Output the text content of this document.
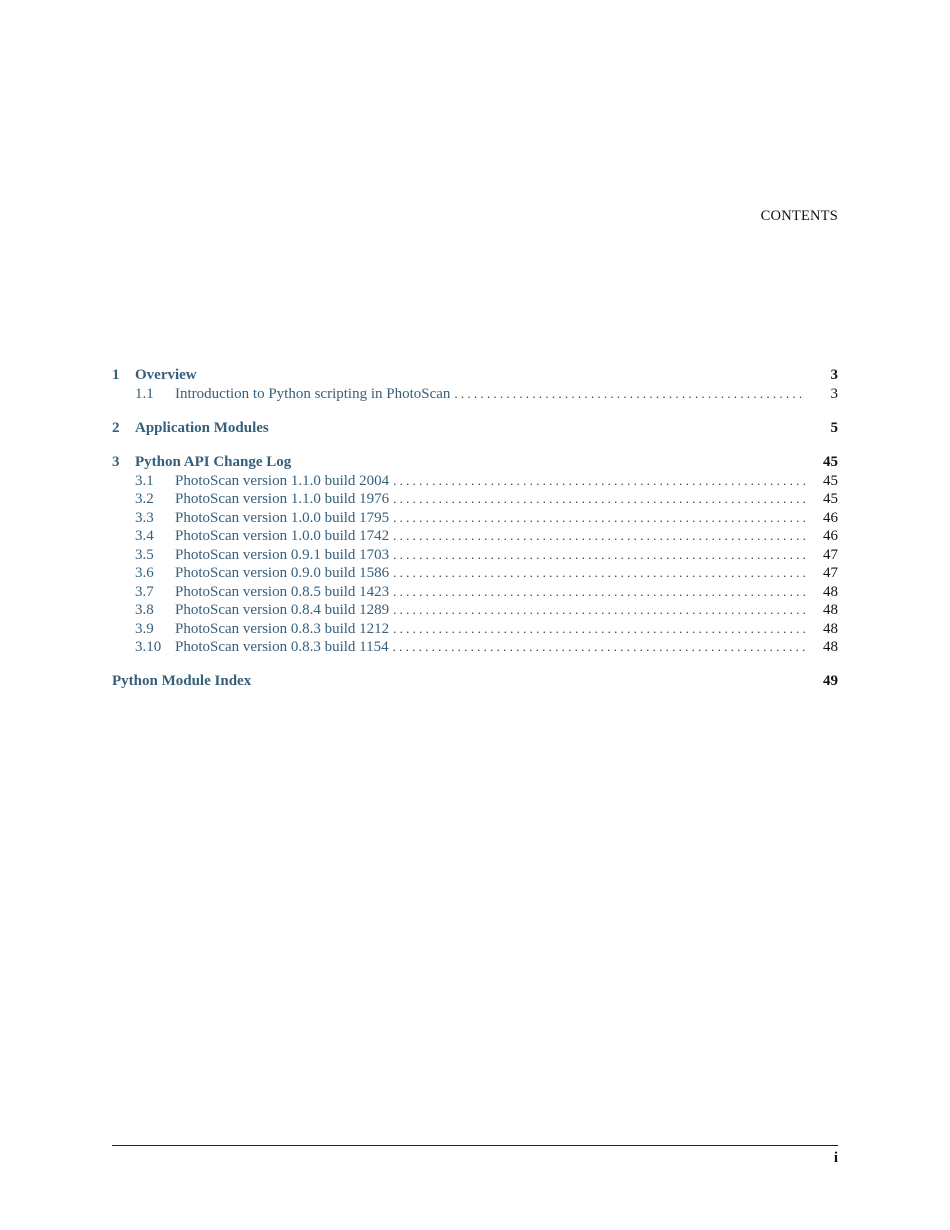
CONTENTS
1	Overview	3
1.1	Introduction to Python scripting in PhotoScan . . .	3
2	Application Modules	5
3	Python API Change Log	45
3.1	PhotoScan version 1.1.0 build 2004 . . .	45
3.2	PhotoScan version 1.1.0 build 1976 . . .	45
3.3	PhotoScan version 1.0.0 build 1795 . . .	46
3.4	PhotoScan version 1.0.0 build 1742 . . .	46
3.5	PhotoScan version 0.9.1 build 1703 . . .	47
3.6	PhotoScan version 0.9.0 build 1586 . . .	47
3.7	PhotoScan version 0.8.5 build 1423 . . .	48
3.8	PhotoScan version 0.8.4 build 1289 . . .	48
3.9	PhotoScan version 0.8.3 build 1212 . . .	48
3.10 PhotoScan version 0.8.3 build 1154 . . .	48
Python Module Index	49
i
